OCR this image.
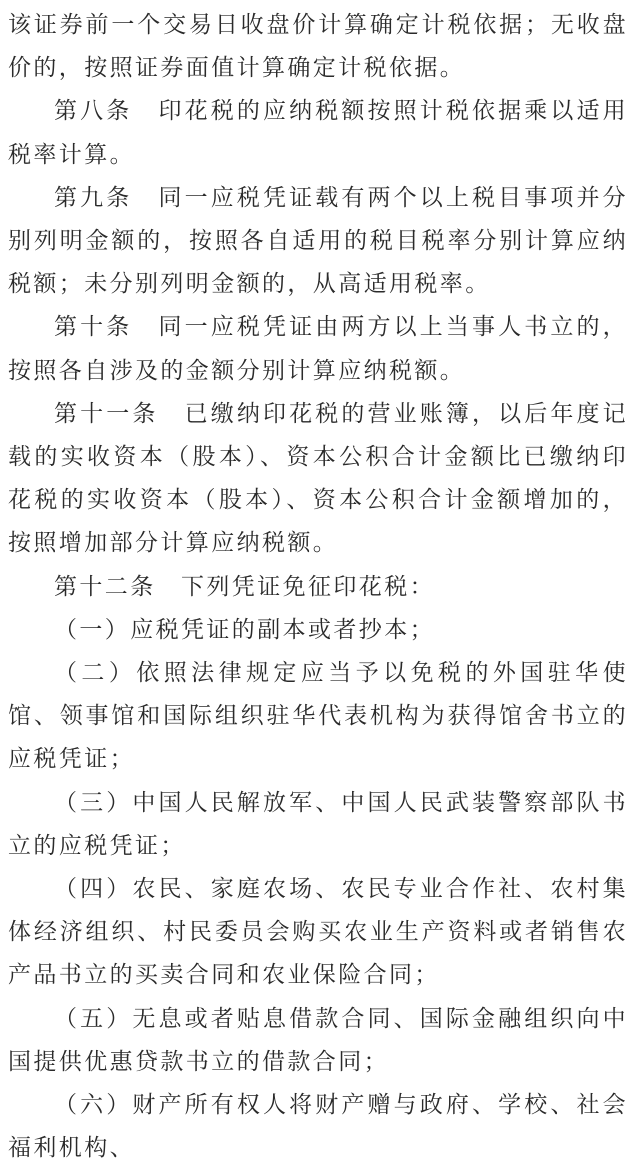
该证券前一个交易日收盘价计算确定计税依据；无收盘价的，按照证券面值计算确定计税依据。

第八条　印花税的应纳税额按照计税依据乘以适用税率计算。

第九条　同一应税凭证载有两个以上税目事项并分别列明金额的，按照各自适用的税目税率分别计算应纳税额；未分别列明金额的，从高适用税率。

第十条　同一应税凭证由两方以上当事人书立的，按照各自涉及的金额分别计算应纳税额。

第十一条　已缴纳印花税的营业账簿，以后年度记载的实收资本（股本）、资本公积合计金额比已缴纳印花税的实收资本（股本）、资本公积合计金额增加的，按照增加部分计算应纳税额。

第十二条　下列凭证免征印花税：

（一）应税凭证的副本或者抄本；

（二）依照法律规定应当予以免税的外国驻华使馆、领事馆和国际组织驻华代表机构为获得馆舍书立的应税凭证；

（三）中国人民解放军、中国人民武装警察部队书立的应税凭证；

（四）农民、家庭农场、农民专业合作社、农村集体经济组织、村民委员会购买农业生产资料或者销售农产品书立的买卖合同和农业保险合同；

（五）无息或者贴息借款合同、国际金融组织向中国提供优惠贷款书立的借款合同；

（六）财产所有权人将财产赠与政府、学校、社会福利机构、
